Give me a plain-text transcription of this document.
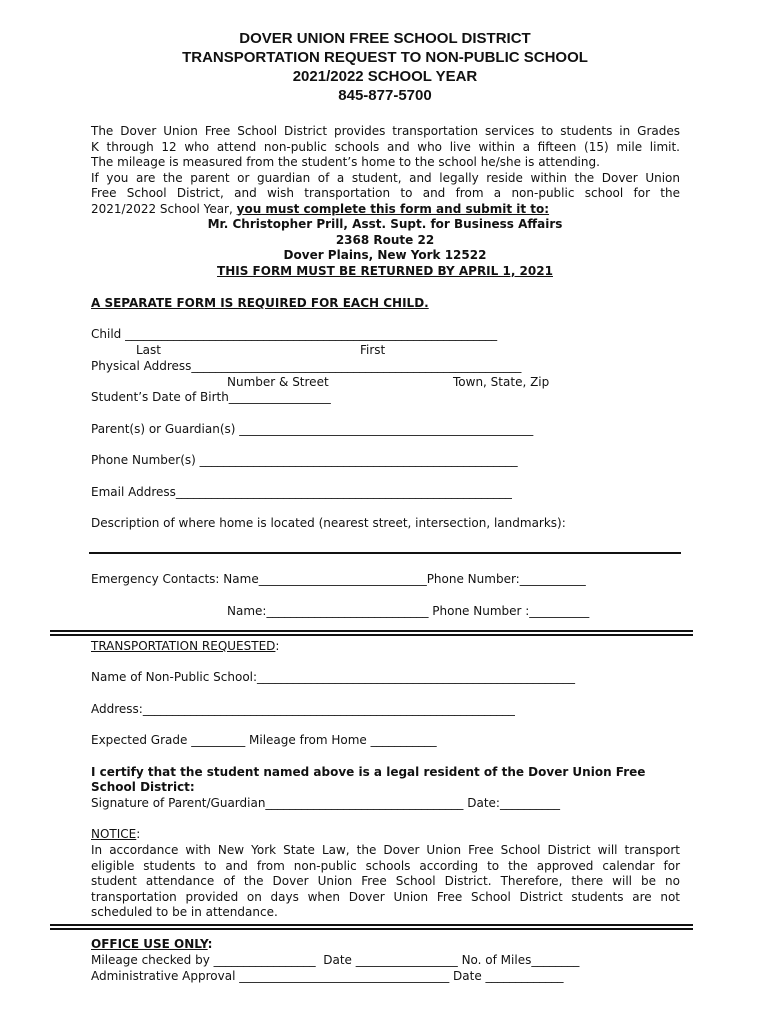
DOVER UNION FREE SCHOOL DISTRICT
TRANSPORTATION REQUEST TO NON-PUBLIC SCHOOL
2021/2022 SCHOOL YEAR
845-877-5700
The Dover Union Free School District provides transportation services to students in Grades
K through 12 who attend non-public schools and who live within a fifteen (15) mile limit.
The mileage is measured from the student’s home to the school he/she is attending.
If you are the parent or guardian of a student, and legally reside within the Dover Union
Free School District, and wish transportation to and from a non-public school for the
2021/2022 School Year, you must complete this form and submit it to:
Mr. Christopher Prill, Asst. Supt. for Business Affairs
2368 Route 22
Dover Plains, New York 12522
THIS FORM MUST BE RETURNED BY APRIL 1, 2021
A SEPARATE FORM IS REQUIRED FOR EACH CHILD.
Child ______________________________________________________________
Last	First
Physical Address_______________________________________________________
Number & Street	Town, State, Zip
Student’s Date of Birth_________________
Parent(s) or Guardian(s) _________________________________________________
Phone Number(s) _____________________________________________________
Email Address________________________________________________________
Description of where home is located (nearest street, intersection, landmarks):
Emergency Contacts: Name____________________________Phone Number:___________
Name:___________________________ Phone Number :__________
TRANSPORTATION REQUESTED:
Name of Non-Public School:_____________________________________________________
Address:______________________________________________________________
Expected Grade _________ Mileage from Home ___________
I certify that the student named above is a legal resident of the Dover Union Free
School District:
Signature of Parent/Guardian_________________________________ Date:__________
NOTICE:
In accordance with New York State Law, the Dover Union Free School District will transport
eligible students to and from non-public schools according to the approved calendar for
student attendance of the Dover Union Free School District. Therefore, there will be no
transportation provided on days when Dover Union Free School District students are not
scheduled to be in attendance.
OFFICE USE ONLY:
Mileage checked by _________________  Date _________________ No. of Miles________
Administrative Approval ___________________________________ Date _____________
